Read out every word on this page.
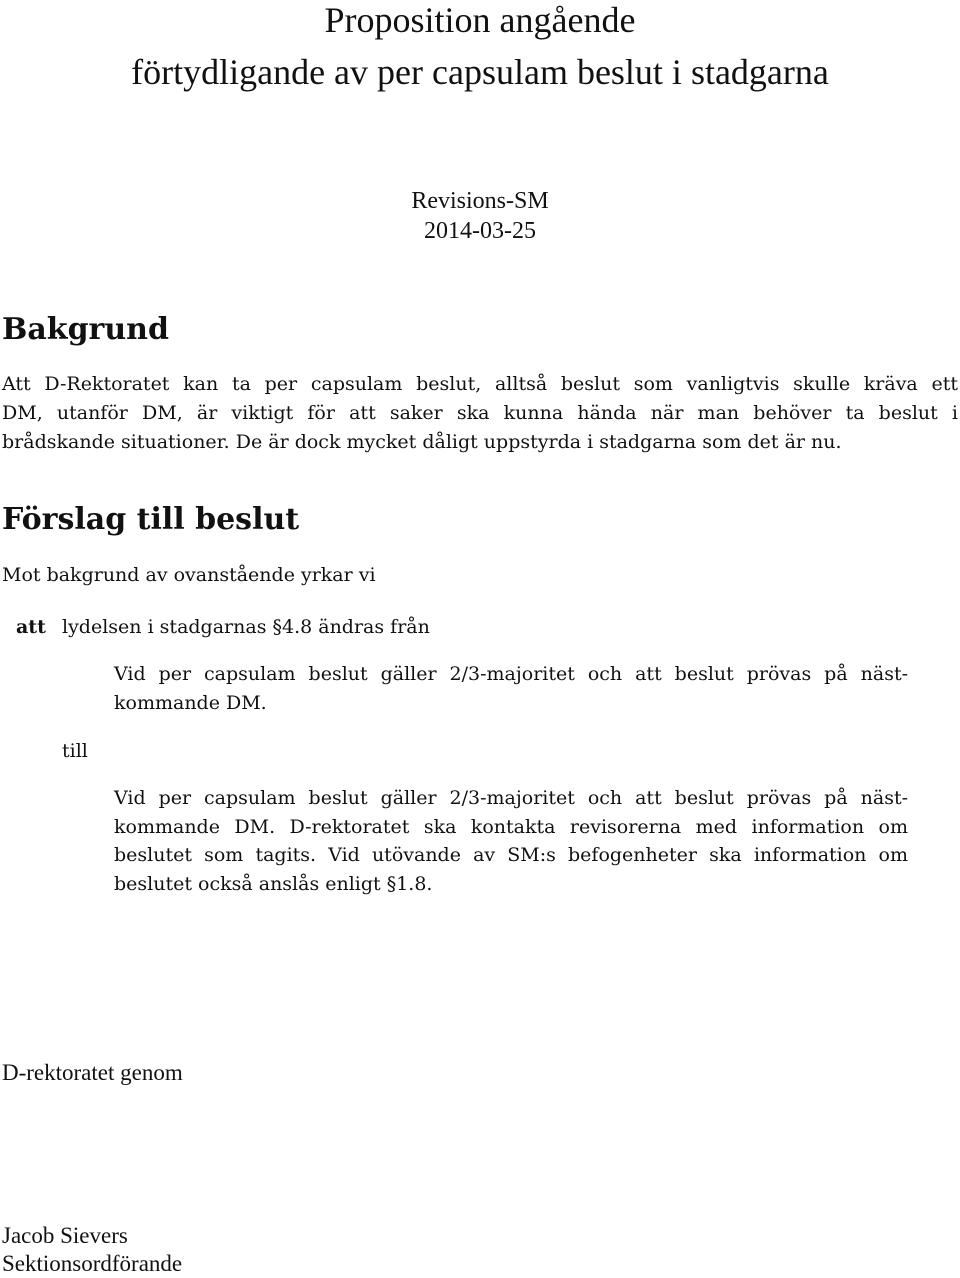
Proposition angående
förtydligande av per capsulam beslut i stadgarna
Revisions-SM
2014-03-25
Bakgrund
Att D-Rektoratet kan ta per capsulam beslut, alltså beslut som vanligtvis skulle kräva ett
DM, utanför DM, är viktigt för att saker ska kunna hända när man behöver ta beslut i
brådskande situationer. De är dock mycket dåligt uppstyrda i stadgarna som det är nu.
Förslag till beslut
Mot bakgrund av ovanstående yrkar vi
att lydelsen i stadgarnas §4.8 ändras från
Vid per capsulam beslut gäller 2/3-majoritet och att beslut prövas på näst-
kommande DM.
till
Vid per capsulam beslut gäller 2/3-majoritet och att beslut prövas på näst-
kommande DM. D-rektoratet ska kontakta revisorerna med information om
beslutet som tagits. Vid utövande av SM:s befogenheter ska information om
beslutet också anslås enligt §1.8.
D-rektoratet genom
Jacob Sievers
Sektionsordförande
